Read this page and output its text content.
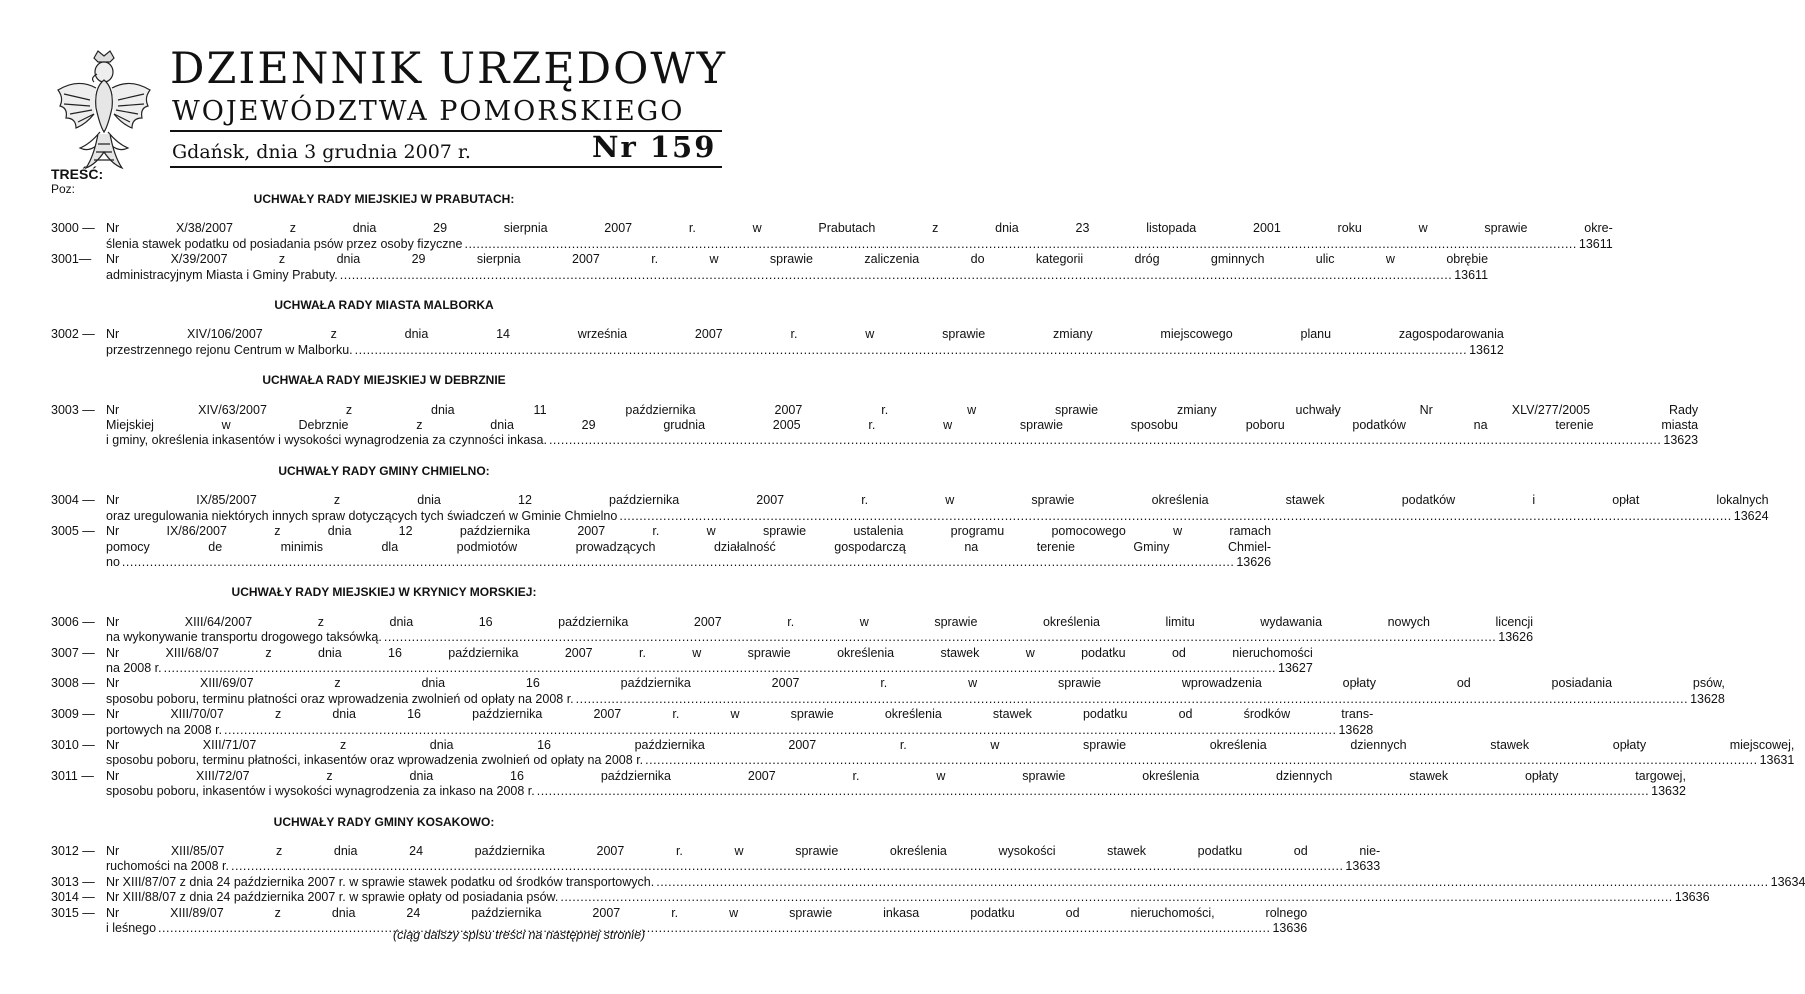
DZIENNIK URZĘDOWY
WOJEWÓDZTWA POMORSKIEGO
Gdańsk, dnia 3 grudnia 2007 r.	Nr 159
TREŚĆ:
Poz:
UCHWAŁY RADY MIEJSKIEJ W PRABUTACH:
3000 — Nr X/38/2007 z dnia 29 sierpnia 2007 r. w Prabutach z dnia 23 listopada 2001 roku w sprawie okre-
ślenia stawek podatku od posiadania psów przez osoby fizyczne .....	13611
3001—	Nr X/39/2007 z dnia 29 sierpnia 2007 r. w sprawie zaliczenia do kategorii dróg gminnych ulic w obrębie
administracyjnym Miasta i Gminy Prabuty. .....	13611
UCHWAŁA RADY MIASTA MALBORKA
3002 — Nr XIV/106/2007 z dnia 14 września 2007 r. w sprawie zmiany miejscowego planu zagospodarowania
przestrzennego rejonu Centrum w Malborku. .....	13612
UCHWAŁA RADY MIEJSKIEJ W DEBRZNIE
3003 — Nr XIV/63/2007 z dnia 11 października 2007 r. w sprawie zmiany uchwały Nr XLV/277/2005 Rady
Miejskiej w Debrznie z dnia 29 grudnia 2005 r. w sprawie sposobu poboru podatków na terenie miasta
i gminy, określenia inkasentów i wysokości wynagrodzenia za czynności inkasa. .....	13623
UCHWAŁY RADY GMINY CHMIELNO:
3004 — Nr IX/85/2007 z dnia 12 października 2007 r. w sprawie określenia stawek podatków i opłat lokalnych
oraz uregulowania niektórych innych spraw dotyczących tych świadczeń w Gminie Chmielno .....	13624
3005 — Nr IX/86/2007 z dnia 12 października 2007 r. w sprawie ustalenia programu pomocowego w ramach
pomocy de minimis dla podmiotów prowadzących działalność gospodarczą na terenie Gminy Chmiel-
no .....	13626
UCHWAŁY RADY MIEJSKIEJ W KRYNICY MORSKIEJ:
3006 — Nr XIII/64/2007 z dnia 16 października 2007 r. w sprawie określenia limitu wydawania nowych licencji
na wykonywanie transportu drogowego taksówką. .....	13626
3007 — Nr XIII/68/07 z dnia 16 października 2007 r. w sprawie określenia stawek w podatku od nieruchomości
na 2008 r. .....	13627
3008 — Nr XIII/69/07 z dnia 16 października 2007 r. w sprawie wprowadzenia opłaty od posiadania psów,
sposobu poboru, terminu płatności oraz wprowadzenia zwolnień od opłaty na 2008 r. .....	13628
3009 — Nr XIII/70/07 z dnia 16 października 2007 r. w sprawie określenia stawek podatku od środków trans-
portowych na 2008 r. .....	13628
3010 — Nr XIII/71/07 z dnia 16 października 2007 r. w sprawie określenia dziennych stawek opłaty miejscowej,
sposobu poboru, terminu płatności, inkasentów oraz wprowadzenia zwolnień od opłaty na 2008 r. .....	13631
3011 — Nr XIII/72/07 z dnia 16 października 2007 r. w sprawie określenia dziennych stawek opłaty targowej,
sposobu poboru, inkasentów i wysokości wynagrodzenia za inkaso na 2008 r. .....	13632
UCHWAŁY RADY GMINY KOSAKOWO:
3012 — Nr XIII/85/07 z dnia 24 października 2007 r. w sprawie określenia wysokości stawek podatku od nie-
ruchomości na 2008 r. .....	13633
3013 — Nr XIII/87/07 z dnia 24 października 2007 r. w sprawie stawek podatku od środków transportowych. .....	13634
3014 — Nr XIII/88/07 z dnia 24 października 2007 r. w sprawie opłaty od posiadania psów. .....	13636
3015 — Nr XIII/89/07 z dnia 24 października 2007 r. w sprawie inkasa podatku od nieruchomości, rolnego
i leśnego .....	13636
(ciąg dalszy spisu treści na następnej stronie)
